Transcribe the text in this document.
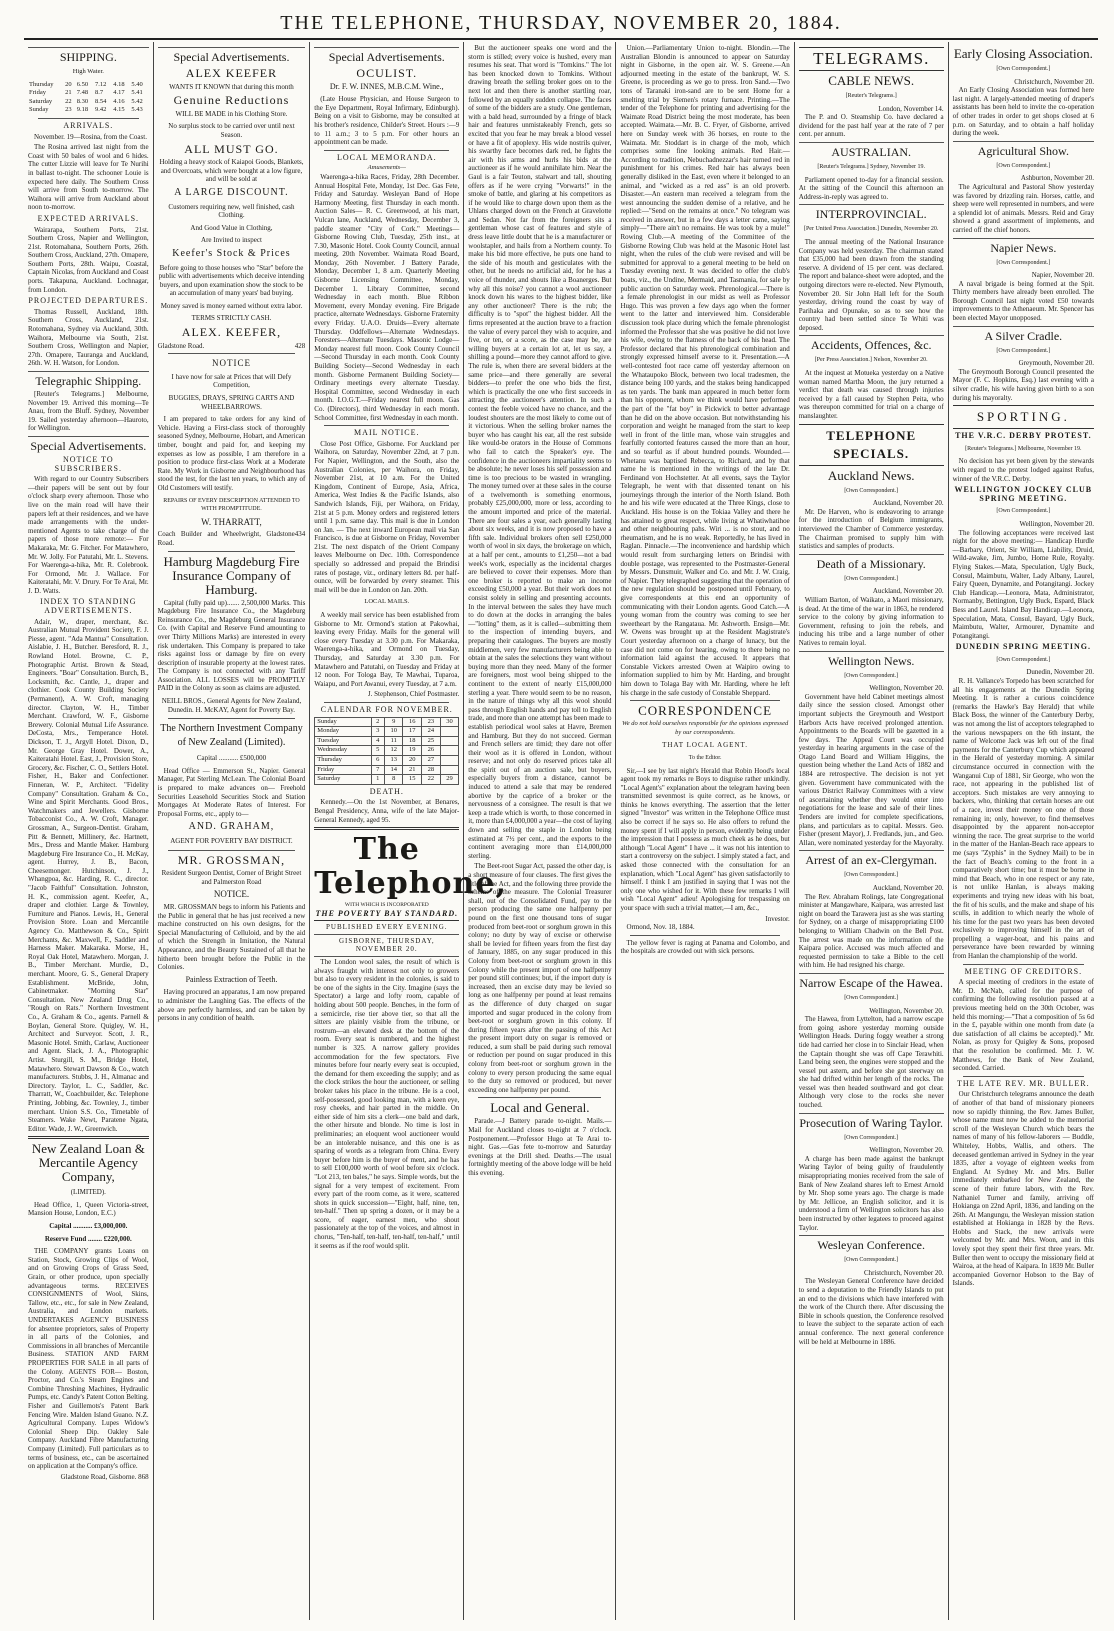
THE TELEPHONE, THURSDAY, NOVEMBER 20, 1884.
SHIPPING.
High Water.
Thursday	20	6.50	7.12	4.18	5.40
Friday	21	7.48	8.7	4.17	5.41
Saturday	22	8.30	8.54	4.16	5.42
Sunday	23	9.18	9.42	4.15	5.43
ARRIVALS.

November. 19—Rosina, from the Coast.

The Rosina arrived last night from the Coast with 50 bales of wool and 6 hides. The cutter Lizzie will leave for Te Nurihi in ballast to-night. The schooner Louie is expected here daily. The Southern Cross will arrive from South to-morrow. The Waihora will arrive from Auckland about noon to-morrow.

EXPECTED ARRIVALS.

Wairarapa, Southern Ports, 21st. Southern Cross, Napier and Wellington, 21st. Rotomahana, Southern Ports, 26th. Southern Cross, Auckland, 27th. Omapere, Southern Ports, 28th. Waipu, Coastal, Captain Nicolas, from Auckland and Coast ports. Takapuna, Auckland. Lochnagar, from London.

PROJECTED DEPARTURES.

Thomas Russell, Auckland, 18th. Southern Cross, Auckland, 21st. Rotomahana, Sydney via Auckland, 30th. Waihora, Melbourne via South, 21st. Southern Cross, Wellington and Napier, 27th. Omapere, Tauranga and Auckland, 26th. W. H. Watson, for London.

Telegraphic Shipping.

[Reuter's Telegrams.] Melbourne, November 19. Arrived this morning—Te Anau, from the Bluff. Sydney, November 19. Sailed yesterday afternoon—Hauroto, for Wellington.

Special Advertisements.
NOTICE TO SUBSCRIBERS.

With regard to our Country Subscribers—their papers will be sent out by four o'clock sharp every afternoon. Those who live on the main road will have their papers left at their residences, and we have made arrangements with the under-mentioned Agents to take charge of the papers of those more remote:— For Makaraka, Mr. G. Fitcher. For Matawhero, Mr. W. Jolly. For Patutahi, Mr. L. Stevens. For Waerenga-a-hika, Mr. R. Colebrook. For Ormond, Mr. J. Wallace. For Kaiteratahi, Mr. V. Drury. For Te Arai, Mr. J. D. Watts.

INDEX TO STANDING ADVERTISEMENTS.

Adair, W., draper, merchant, &c. Australian Mutual Provident Society, F. J. Piesse, agent. "Ada Mantua" Consultation. Aislabie, J. H., Butcher. Beresford, R. J., Rowland Hotel. Browne, C. P., Photographic Artist. Brown & Stead, Engineers. "Boar" Consultation. Burch, B., Locksmith, &c. Cantle, J., draper and clothier. Cook County Building Society (Permanent), A. W. Croft, managing director. Clayton, W. H., Timber Merchant. Crawford, W. F., Gisborne Brewery. Colonial Mutual Life Assurance. DeCosta, Mrs., Temperance Hotel. Dickson, T. J., Argyll Hotel. Dixon, D., Mr. George Gray Hotel. Dower, A., Kaiteratahi Hotel. East, J., Provision Store, Grocery, &c. Fischer, C. O., Settlers Hotel. Fisher, H., Baker and Confectioner. Finneran, W. P., Architect. "Fidelity Company" Consultation. Graham & Co., Wine and Spirit Merchants. Good Bros., Watchmakers and Jewellers. Gisborne Tobacconist Co., A. W. Croft, Manager. Grossman, A., Surgeon-Dentist. Graham, Pitt & Bennett, Millinery, &c. Hartnett, Mrs., Dress and Mantle Maker. Hamburg Magdeburg Fire Insurance Co., H. McKay, agent. Hurrey, J. B., Bacon, Cheesemonger. Hutchinson, J. J., Whangpoa, &c. Harding, R. C., director. "Jacob Faithful" Consultation. Johnston, H. K., commission agent. Keefer, A., draper and clothier. Large & Townley, Furniture and Pianos. Lewis, H., General Provision Store. Loan and Mercantile Agency Co. Matthewson & Co., Spirit Merchants, &c. Maxwell, F., Saddler and Harness Maker. Makaraka. Morse, H., Royal Oak Hotel, Matawhero. Morgan, J. B., Timber Merchant. Murdie, D., merchant. Moore, G. S., General Drapery Establishment. McBride, John, Cabinetmaker. "Morning Star" Consultation. New Zealand Drug Co., "Rough on Rats." Northern Investment Co., A. Graham & Co., agents. Parnell & Boylan, General Store. Quigley, W. H., Architect and Surveyor. Scott, J. R., Masonic Hotel. Smith, Carlaw, Auctioneer and Agent. Slack, J. A., Photographic Artist. Sturgill, S. M., Bridge Hotel, Matawhero. Stewart Dawson & Co., watch manufacturers. Stubbs, J. H., Almanac and Directory. Taylor, L. C., Saddler, &c. Tharratt, W., Coachbuilder, &c. Telephone Printing, Jobbing, &c. Townley, J., timber merchant. Union S.S. Co., Timetable of Steamers. Wake Newt, Paratene Ngata, Editor. Wade, J. W., Greenwich.

New Zealand Loan & Mercantile Agency Company,
(LIMITED).

Head Office, 1, Queen Victoria-street, Mansion House, London, E.C.)

Capital ........... £3,000,000.
Reserve Fund ........ £220,000.

THE COMPANY grants Loans on Station, Stock, Growing Clips of Wool, and on Growing Crops of Grass Seed, Grain, or other produce, upon specially advantageous terms. RECEIVES CONSIGNMENTS of Wool, Skins, Tallow, etc., etc., for sale in New Zealand, Australia, and London markets. UNDERTAKES AGENCY BUSINESS for absentee proprietors, sales of Property in all parts of the Colonies, and Commissions in all branches of Mercantile Business. STATION AND FARM PROPERTIES FOR SALE in all parts of the Colony. AGENTS FOR— Boston, Proctor, and Co.'s Steam Engines and Combine Threshing Machines, Hydraulic Pumps, etc. Candy's Patent Cotton Belting. Fisher and Guillemots's Patent Bark Fencing Wire. Malden Island Guano. N.Z. Agricultural Company. Lupes Widow's Colonial Sheep Dip. Oakley Sale Company. Auckland Fibre Manufacturing Company (Limited). Full particulars as to terms of business, etc., can be ascertained on application at the Company's office.

Gladstone Road, Gisborne. 868
Special Advertisements.
ALEX KEEFER

WANTS IT KNOWN that during this month

Genuine Reductions

WILL BE MADE in his Clothing Store.

No surplus stock to be carried over until next Season.

ALL MUST GO.

Holding a heavy stock of Kaiapoi Goods, Blankets, and Overcoats, which were bought at a low figure, and will be sold at

A LARGE DISCOUNT.

Customers requiring new, well finished, cash Clothing.

And Good Value in Clothing,

Are Invited to inspect

Keefer's Stock & Prices

Before going to those houses who "Star" before the public with advertisements which deceive intending buyers, and upon examination show the stock to be an accumulation of many years' bad buying.

Money saved is money earned without extra labor.

TERMS STRICTLY CASH.
ALEX. KEEFER,
Gladstone Road.	428
NOTICE

I have now for sale at Prices that will Defy Competition,

BUGGIES, DRAYS, SPRING CARTS AND WHEELBARROWS.

I am prepared to take orders for any kind of Vehicle. Having a First-class stock of thoroughly seasoned Sydney, Melbourne, Hobart, and American timber, bought and paid for, and keeping my expenses as low as possible, I am therefore in a position to produce first-class Work at a Moderate Rate. My Work in Gisborne and Neighbourhood has stood the test, for the last ten years, to which any of Old Customers will testify.

REPAIRS OF EVERY DESCRIPTION ATTENDED TO WITH PROMPTITUDE.
W. THARRATT,
Coach Builder and Wheelwright, Gladstone Road.
434
Hamburg Magdeburg Fire Insurance Company of Hamburg.

Capital (fully paid up)....... 2,500,000 Marks. This Magdeburg Fire Insurance Co., the Magdeburg Reinsurance Co., the Magdeburg General Insurance Co. (with Capital and Reserve Fund amounting to over Thirty Millions Marks) are interested in every risk undertaken. This Company is prepared to take risks against loss or damage by fire on every description of insurable property at the lowest rates. The Company is not connected with any Tariff Association. ALL LOSSES will be PROMPTLY PAID in the Colony as soon as claims are adjusted.

NEILL BROS., General Agents for New Zealand, Dunedin. H. McKAY, Agent for Poverty Bay.

The Northern Investment Company of New Zealand (Limited).
Capital ........... £500,000

Head Office — Emmerson St., Napier. General Manager, Pat Sterling McLean. The Colonial Board is prepared to make advances on— Freehold Securities Leasehold Securities Stock and Station Mortgages At Moderate Rates of Interest. For Proposal Forms, etc., apply to—

AND. GRAHAM,
AGENT FOR POVERTY BAY DISTRICT.
MR. GROSSMAN,

Resident Surgeon Dentist, Corner of Bright Street and Palmerston Road

NOTICE.

MR. GROSSMAN begs to inform his Patients and the Public in general that he has just received a new machine constructed on his own designs, for the Special Manufacturing of Celluloid, and by the aid of which the Strength in Imitation, the Natural Appearance, and the Beauty Sustained of all that he hitherto been brought before the Public in the Colonies.

Painless Extraction of Teeth.

Having procured an apparatus, I am now prepared to administer the Laughing Gas. The effects of the above are perfectly harmless, and can be taken by persons in any condition of health.

Special Advertisements.
OCULIST.
Dr. F. W. INNES, M.B.C.M. Wine.,

(Late House Physician, and House Surgeon to the Eye Department, Royal Infirmary, Edinburgh). Being on a visit to Gisborne, may be consulted at his brother's residence, Childer's Street. Hours :—9 to 11 a.m.; 3 to 5 p.m. For other hours an appointment can be made.

LOCAL MEMORANDA.
Amusements—

Waerenga-a-hika Races, Friday, 28th December. Annual Hospital Fete, Monday, 1st Dec. Gas Fete, Friday and Saturday. Wesleyan Band of Hope Harmony Meeting, first Thursday in each month. Auction Sales— R. C. Greenwood, at his mart, Vulcan lane, Auckland, Wednesday, December 3, paddle steamer "City of Cork." Meetings— Gisborne Rowing Club, Tuesday, 25th inst., at 7.30, Masonic Hotel. Cook County Council, annual meeting, 20th November. Waimata Road Board, Monday, 26th November. J Battery Parade, Monday, December 1, 8 a.m. Quarterly Meeting Gisborne Licensing Committee, Monday, December 1. Library Committee, second Wednesday in each month. Blue Ribbon Movement, every Monday evening. Fire Brigade practice, alternate Wednesdays. Gisborne Fraternity every Friday. U.A.O. Druids—Every alternate Thursday. Oddfellows—Alternate Wednesdays. Foresters—Alternate Tuesdays. Masonic Lodge—Monday nearest full moon. Cook County Council—Second Thursday in each month. Cook County Building Society—Second Wednesday in each month. Gisborne Permanent Building Society—Ordinary meetings every alternate Tuesday. Hospital Committee, second Wednesday in each month. I.O.G.T.—Friday nearest full moon. Gas Co. (Directors), third Wednesday in each month. School Committee, first Wednesday in each month.

MAIL NOTICE.

Close Post Office, Gisborne. For Auckland per Waihora, on Saturday, November 22nd, at 7 p.m. For Napier, Wellington, and the South, also the Australian Colonies, per Waihora, on Friday, November 21st, at 10 a.m. For the United Kingdom, Continent of Europe, Asia, Africa, America, West Indies & the Pacific Islands, also Sandwich Islands, Fiji, per Waihora, on Friday, 21st at 5 p.m. Money orders and registered letters until 1 p.m. same day. This mail is due in London on Jan. — The next inward European mail via San Francisco, is due at Gisborne on Friday, November 21st. The next dispatch of the Orient Company leaves Melbourne on Dec. 10th. Correspondence specially so addressed and prepaid the Brindisi rates of postage, viz., ordinary letters 8d. per half-ounce, will be forwarded by every steamer. This mail will be due in London on Jan. 20th.

LOCAL MAILS.

A weekly mail service has been established from Gisborne to Mr. Ormond's station at Pakowhai, leaving every Friday. Mails for the general will close every Tuesday at 3.30 p.m. For Makaraka, Waerenga-a-hika, and Ormond on Tuesday, Thursday, and Saturday at 3.30 p.m. For Matawhero and Patutahi, on Tuesday and Friday at 12 noon. For Tologa Bay, Te Mawhai, Tuparoa, Waiapu, and Port Awanui, every Tuesday, at 7 a.m.

J. Stephenson, Chief Postmaster.
CALENDAR FOR NOVEMBER.
Sunday	2	9	16	23	30
Monday	3	10	17	24	
Tuesday	4	11	18	25	
Wednesday	5	12	19	26	
Thursday	6	13	20	27	
Friday	7	14	21	28	
Saturday	1	8	15	22	29
DEATH.

Kennedy.—On the 1st November, at Benares, Bengal Presidency, Anna, wife of the late Major-General Kennedy, aged 95.

The Telephone,
WITH WHICH IS INCORPORATED
THE POVERTY BAY STANDARD.
PUBLISHED EVERY EVENING.
GISBORNE, THURSDAY, NOVEMBER 20.

The London wool sales, the result of which is always fraught with interest not only to growers but also to every resident in the colonies, is said to be one of the sights in the City. Imagine (says the Spectator) a large and lofty room, capable of holding about 500 people. Benches, in the form of a semicircle, rise tier above tier, so that all the sitters are plainly visible from the tribune, or rostrum—an elevated desk at the bottom of the room. Every seat is numbered, and the highest number is 325. A narrow gallery provides accommodation for the few spectators. Five minutes before four nearly every seat is occupied, the demand for them exceeding the supply; and as the clock strikes the hour the auctioneer, or selling broker takes his place in the tribune. He is a cool, self-possessed, good looking man, with a keen eye, rosy cheeks, and hair parted in the middle. On either side of him sits a clerk—one bald and dark, the other hirsute and blonde. No time is lost in preliminaries; an eloquent wool auctioneer would be an intolerable nuisance, and this one is as sparing of words as a telegram from China. Every buyer before him is the buyer of ment, and he has to sell £100,000 worth of wool before six o'clock. "Lot 213, ten bales," he says. Simple words, but the signal for a very tempest of excitement. From every part of the room come, as it were, scattered shots in quick succession—"Eight, half, nine, ten, ten-half." Then up spring a dozen, or it may be a score, of eager, earnest men, who shout passionately at the top of the voices, and almost in chorus, "Ten-half, ten-half, ten-half, ten-half," until it seems as if the roof would split.

But the auctioneer speaks one word and the storm is stilled; every voice is hushed, every man resumes his seat. That word is "Tomkins." The lot has been knocked down to Tomkins. Without drawing breath the selling broker goes on to the next lot and then there is another startling roar, followed by an equally sudden collapse. The faces of some of the bidders are a study. One gentleman, with a bald head, surrounded by a fringe of black hair and features unmistakeably French, gets so excited that you fear he may break a blood vessel or have a fit of apoplexy. His wide nostrils quiver, his swarthy face becomes dark red, he fights the air with his arms and hurls his bids at the auctioneer as if he would annihilate him. Near the Gaul is a fair Teuton, stalwart and tall, shouting offers as if he were crying "Vorwarts!" in the smoke of battle, and glaring at his competitors as if he would like to charge down upon them as the Uhlans charged down on the French at Gravelotte and Sedan. Not far from the foreigners sits a gentleman whose cast of features and style of dress leave little doubt that he is a manufacturer or woolstapler, and hails from a Northern county. To make his bid more effective, he puts one hand to the side of his mouth and gesticulates with the other, but he needs no artificial aid, for he has a voice of thunder, and shouts like a Boanerges. But why all this noise? you cannot a wool auctioneer knock down his wares to the highest bidder, like any other auctioneer? There is the rub; the difficulty is to "spot" the highest bidder. All the firms represented at the auction brave to a fraction the value of every parcel they wish to acquire, and five, or ten, or a score, as the case may be, are willing buyers at a certain lot at, let us say, a shilling a pound—more they cannot afford to give. The rule is, when there are several bidders at the same price—and there generally are several bidders—to prefer the one who bids the first, which is practically the one who first succeeds in attracting the auctioneer's attention. In such a contest the feeble voiced have no chance, and the loudest shouters are the most likely to come out of it victorious. When the selling broker names the buyer who has caught his ear, all the rest subside like would-be orators in the House of Commons who fail to catch the Speaker's eye. The confidence in the auctioneers impartiality seems to be absolute; he never loses his self possession and time is too precious to be wasted in wrangling. The money turned over at these sales in the course of a twelvemonth is something enormous, probably £25,000,000, more or less, according to the amount imported and price of the material. There are four sales a year, each generally lasting about six weeks, and it is now proposed to have a fifth sale. Individual brokers often sell £250,000 worth of wool in six days, the brokerage on which, at a half per cent., amounts to £1,250—not a bad week's work, especially as the incidental charges are believed to cover their expenses. More than one broker is reported to make an income exceeding £50,000 a year. But their work does not consist solely in selling and presenting accounts. In the interval between the sales they have much to do down at the docks in arranging the bales—"lotting" them, as it is called—submitting them to the inspection of intending buyers, and preparing their catalogues. The buyers are mostly middlemen, very few manufacturers being able to obtain at the sales the selections they want without buying more than they need. Many of the former are foreigners, most wool being shipped to the continent to the extent of nearly £15,000,000 sterling a year. There would seem to be no reason, in the nature of things why all this wool should pass through English hands and pay toll to English trade, and more than one attempt has been made to establish periodical wool sales at Havre, Bremen and Hamburg. But they do not succeed. German and French sellers are timid; they dare not offer their wool as it is offered in London, without reserve; and not only do reserved prices take all the spirit out of an auction sale, but buyers, especially buyers from a distance, cannot be induced to attend a sale that may be rendered abortive by the caprice of a broker or the nervousness of a consignee. The result is that we keep a trade which is worth, to those concerned in it, more than £4,000,000 a year—the cost of laying down and selling the staple in London being estimated at 7½ per cent., and the exports to the continent averaging more than £14,000,000 sterling.

The Beet-root Sugar Act, passed the other day, is a short measure of four clauses. The first gives the title of the Act, and the following three provide the scheme of the measure. The Colonial Treasurer shall, out of the Consolidated Fund, pay to the person producing the same one halfpenny per pound on the first one thousand tons of sugar produced from beet-root or sorghum grown in this colony; no duty by way of excise or otherwise shall be levied for fifteen years from the first day of January, 1885, on any sugar produced in this Colony from beet-root or sorghum grown in this Colony while the present import of one halfpenny per pound still continues; but, if the import duty is increased, then an excise duty may be levied so long as one halfpenny per pound at least remains as the difference of duty charged on sugar imported and sugar produced in the colony from beet-root or sorghum grown in this colony. If during fifteen years after the passing of this Act the present import duty on sugar is removed or reduced, a sum shall be paid during such removal or reduction per pound on sugar produced in this colony from beet-root or sorghum grown in the colony to every person producing the same equal to the duty so removed or produced, but never exceeding one halfpenny per pound.

Local and General.

Parade.—J Battery parade to-night. Mails.—Mail for Auckland closes to-night at 7 o'clock. Postponement.—Professor Hugo at Te Arai to-night. Gas.—Gas fete to-morrow and Saturday evenings at the Drill shed. Deaths.—The usual fortnightly meeting of the above lodge will be held this evening.

Union.—Parliamentary Union to-night. Blondin.—The Australian Blondin is announced to appear on Saturday night in Gisborne, in the open air. W. S. Greene.—An adjourned meeting in the estate of the bankrupt, W. S. Greene, is proceeding as we go to press. Iron Sand.—Two tons of Taranaki iron-sand are to be sent Home for a smelting trial by Siemen's rotary furnace. Printing.—The tender of the Telephone for printing and advertising for the Waimate Road District being the most moderate, has been accepted. Waimata.—Mr. B. C. Fryer, of Gisborne, arrived here on Sunday week with 36 horses, en route to the Waimata. Mr. Stoddart is in charge of the mob, which comprises some fine looking animals. Red Hair.—According to tradition, Nebuchadnezzar's hair turned red in punishment for his crimes. Red hair has always been generally disliked in the East, even where it belonged to an animal, and "wicked as a red ass" is an old proverb. Disaster.—An eastern man received a telegram from the west announcing the sudden demise of a relative, and he replied:—"Send on the remains at once." No telegram was received in answer, but in a few days a letter came, saying simply—"There ain't no remains. He was took by a mule!" Rowing Club.—A meeting of the Committee of the Gisborne Rowing Club was held at the Masonic Hotel last night, when the rules of the club were revised and will be submitted for approval to a general meeting to be held on Tuesday evening next. It was decided to offer the club's boats, viz., the Undine, Mermaid, and Tasmania, for sale by public auction on Saturday week. Phrenological.—There is a female phrenologist in our midst as well as Professor Hugo. This was proven a few days ago when the former went to the latter and interviewed him. Considerable discussion took place during which the female phrenologist informed the Professor that she was positive he did not love his wife, owing to the flatness of the back of his head. The Professor declared that his phrenological combination and strongly expressed himself averse to it. Presentation.—A well-contested foot race came off yesterday afternoon on the Whataupoko Block, between two local tradesmen, the distance being 100 yards, and the stakes being handicapped as ten yards. The bank man appeared in much better form than his opponent, whom we think would have performed the part of the "fat boy" in Pickwick to better advantage than he did on the above occasion. But notwithstanding his corporation and weight he managed from the start to keep well in front of the little man, whose vain struggles and fearfully contorted features caused the more than an hour, and so tearful as if about hundred pounds. Wounded.—Whetanu was baptised Rebecca, to Richard, and by that name he is mentioned in the writings of the late Dr. Ferdinand von Hochstetter. At all events, says the Taylor Telegraph, he went with that dissented tenant on his journeyings through the interior of the North Island. Both he and his wife were educated at the Three Kings, close to Auckland. His house is on the Tokiaa Valley and there he has attained to great respect, while living at Whatiwhatihoe and other neighbouring pahs. Wiri ... is no stout, and no rheumatism, and he is no weak. Reportedly, he has lived in Raglan. Pinnacle.—The inconvenience and hardship which would result from surcharging letters on Brindisi with double postage, was represented to the Postmaster-General by Messrs. Dunsmuir, Walker and Co. and Mr. J. W. Craig, of Napier. They telegraphed suggesting that the operation of the new regulation should be postponed until February, to give correspondents at this end an opportunity of communicating with their London agents. Good Catch.—A young woman from the country was coming to see her sweetheart by the Rangataua. Mr. Ashworth. Ensign—Mr. W. Owens was brought up at the Resident Magistrate's Court yesterday afternoon on a charge of lunacy, but the case did not come on for hearing, owing to there being no information laid against the accused. It appears that Constable Vickers arrested Owen at Waipiro owing to information supplied to him by Mr. Harding, and brought him down to Tolaga Bay with Mr. Harding, where he left his charge in the safe custody of Constable Sheppard.

CORRESPONDENCE
We do not hold ourselves responsible for the opinions expressed by our correspondents.
THAT LOCAL AGENT.
To the Editor.

Sir,—I see by last night's Herald that Robin Hood's local agent took my remarks re Boys to disguise rather unkindly. "Local Agent's" explanation about the telegram having been transmitted sevenmost is quite correct, as he knows, or thinks he knows everything. The assertion that the letter signed "Investor" was written in the Telephone Office must also be correct if he says so. He also offers to refund the money spent if I will apply in person, evidently being under the impression that I possess as much cheek as he does, but although "Local Agent" I have ... it was not his intention to start a controversy on the subject. I simply stated a fact, and asked those connected with the consultation for an explanation, which "Local Agent" has given satisfactorily to himself. I think I am justified in saying that I was not the only one who wished for it. With these few remarks I will wish "Local Agent" adieu! Apologising for trespassing on your space with such a trivial matter,—I am, &c.,

Investor.

Ormond, Nov. 18, 1884.

The yellow fever is raging at Panama and Colombo, and the hospitals are crowded out with sick persons.

TELEGRAMS.
CABLE NEWS.
[Reuter's Telegrams.]
London, November 14.

The P. and O. Steamship Co. have declared a dividend for the past half year at the rate of 7 per cent. per annum.

AUSTRALIAN.
[Reuter's Telegrams.] Sydney, November 19.

Parliament opened to-day for a financial session. At the sitting of the Council this afternoon an Address-in-reply was agreed to.

INTERPROVINCIAL.
[Per United Press Association.] Dunedin, November 20.

The annual meeting of the National Insurance Company was held yesterday. The chairman stated that £35,000 had been drawn from the standing reserve. A dividend of 15 per cent. was declared. The report and balance-sheet were adopted, and the outgoing directors were re-elected. New Plymouth, November 20. Sir John Hall left for the South yesterday, driving round the coast by way of Parihaka and Opunake, so as to see how the country had been settled since Te Whiti was deposed.

Accidents, Offences, &c.
[Per Press Association.] Nelson, November 20.

At the inquest at Motueka yesterday on a Native woman named Martha Moon, the jury returned a verdict that death was caused through injuries received by a fall caused by Stephen Peita, who was thereupon committed for trial on a charge of manslaughter.

TELEPHONE SPECIALS.
Auckland News.
[Own Correspondent.]
Auckland, November 20.

Mr. De Harven, who is endeavoring to arrange for the introduction of Belgium immigrants, interviewed the Chamber of Commerce yesterday. The Chairman promised to supply him with statistics and samples of products.

Death of a Missionary.
[Own Correspondent.]
Auckland, November 20.

William Barton, of Waikato, a Maori missionary, is dead. At the time of the war in 1863, he rendered service to the colony by giving information to Government, refusing to join the rebels, and inducing his tribe and a large number of other Natives to remain loyal.

Wellington News.
[Own Correspondent.]
Wellington, November 20.

Government have held Cabinet meetings almost daily since the session closed. Amongst other important subjects the Greymouth and Westport Harbors Acts have received prolonged attention. Appointments to the Boards will be gazetted in a few days. The Appeal Court was occupied yesterday in hearing arguments in the case of the Otago Land Board and William Higgins, the question being whether the Land Acts of 1882 and 1884 are retrospective. The decision is not yet given. Government have communicated with the various District Railway Committees with a view of ascertaining whether they would enter into negotiations for the lease and sale of their lines. Tenders are invited for complete specifications, plans, and particulars as to capital. Messrs. Geo. Fisher (present Mayor), J. Fredlands, jun., and Geo. Allan, were nominated yesterday for the Mayoralty.

Arrest of an ex-Clergyman.
[Own Correspondent.]
Auckland, November 20.

The Rev. Abraham Rolings, late Congregational minister at Mangawhare, Kaipara, was arrested last night on board the Tarawera just as she was starting for Sydney, on a charge of misappropriating £100 belonging to William Chadwin on the Bell Post. The arrest was made on the information of the Kaipara police. Accused was much affected and requested permission to take a Bible to the cell with him. He had resigned his charge.

Narrow Escape of the Hawea.
[Own Correspondent.]
Wellington, November 20.

The Hawea, from Lyttelton, had a narrow escape from going ashore yesterday morning outside Wellington Heads. During foggy weather a strong tide had carried her close in to Sinclair Head, when the Captain thought she was off Cape Terawhiti. Land being seen, the engines were stopped and the vessel put astern, and before she got steerway on she had drifted within her length of the rocks. The vessel was then headed southward and got clear. Although very close to the rocks she never touched.

Prosecution of Waring Taylor.
[Own Correspondent.]
Wellington, November 20.

A charge has been made against the bankrupt Waring Taylor of being guilty of fraudulently misappropriating monies received from the sale of Bank of New Zealand shares left to Ernest Arnold by Mr. Shop some years ago. The charge is made by Mr. Jellicoe, an English solicitor, and it is understood a firm of Wellington solicitors has also been instructed by other legatees to proceed against Taylor.

Wesleyan Conference.
[Own Correspondent.]
Christchurch, November 20.

The Wesleyan General Conference have decided to send a deputation to the Friendly Islands to put an end to the divisions which have interfered with the work of the Church there. After discussing the Bible in schools question, the Conference resolved to leave the subject to the separate action of each annual conference. The next general conference will be held at Melbourne in 1886.

Early Closing Association.
[Own Correspondent.]
Christchurch, November 20.

An Early Closing Association was formed here last night. A largely-attended meeting of draper's assistants has been held to invite the co-operation of other trades in order to get shops closed at 6 p.m. on Saturday, and to obtain a half holiday during the week.

Agricultural Show.
[Own Correspondent.]
Ashburton, November 20.

The Agricultural and Pastoral Show yesterday was favored by drizzling rain. Horses, cattle, and sheep were well represented in numbers, and were a splendid lot of animals. Messrs. Reid and Gray showed a grand assortment of implements, and carried off the chief honors.

Napier News.
[Own Correspondent.]
Napier, November 20.

A naval brigade is being formed at the Spit. Thirty members have already been enrolled. The Borough Council last night voted £50 towards improvements to the Athenaeum. Mr. Spencer has been elected Mayor unopposed.

A Silver Cradle.
[Own Correspondent.]
Greymouth, November 20.

The Greymouth Borough Council presented the Mayor (F. C. Hopkins, Esq.) last evening with a silver cradle, his wife having given birth to a son during his mayoralty.

SPORTING.
THE V.R.C. DERBY PROTEST.
[Reuter's Telegrams.] Melbourne, November 19.

No decision has yet been given by the stewards with regard to the protest lodged against Rufus, winner of the V.R.C. Derby.

WELLINGTON JOCKEY CLUB SPRING MEETING.
[Own Correspondent.]
Wellington, November 20.

The following acceptances were received last night for the above meeting:— Handicap Hurdle—Barbary, Orient, Sir William, Liability, Druid, Wild-awake, Jim, Jumbo, Home Rule, Royalty. Flying Stakes.—Mata, Speculation, Ugly Buck, Consul, Maimbutu, Walter, Lady Albany, Laurel, Fairy Queen, Dynamite, and Potangitangi. Jockey Club Handicap.—Leonora, Mata, Administrator, Normanby, Bettington, Ugly Buck, Espard, Black Bess and Laurel. Island Bay Handicap.—Leonora, Speculation, Mata, Consul, Bayard, Ugly Buck, Maimbutu, Walter, Armourer, Dynamite and Potangitangi.

DUNEDIN SPRING MEETING.
[Own Correspondent.]
Dunedin, November 20.

R. H. Vallance's Torpedo has been scratched for all his engagements at the Dunedin Spring Meeting. It is rather a curious coincidence (remarks the Hawke's Bay Herald) that while Black Boss, the winner of the Canterbury Derby, was not among the list of acceptors telegraphed to the various newspapers on the 6th instant, the name of Welcome Jack was left out of the final payments for the Canterbury Cup which appeared in the Herald of yesterday morning. A similar circumstance occurred in connection with the Wanganui Cup of 1881, Sir George, who won the race, not appearing in the published list of acceptors. Such mistakes are very annoying to backers, who, thinking that certain horses are out of a race, invest their money on one of those remaining in; only, however, to find themselves disappointed by the apparent non-acceptor winning the race. The great surprise to the world in the matter of the Hanlan-Beach race appears to me (says "Zyphis" in the Sydney Mail) to be in the fact of Beach's coming to the front in a comparatively short time; but it must be borne in mind that Beach, who in one respect or any rate, is not unlike Hanlan, is always making experiments and trying new ideas with his boat, the fit of his sculls, and the make and shape of his sculls, in addition to which nearly the whole of his time for the past two years has been devoted exclusively to improving himself in the art of propelling a wager-boat, and his pains and perseverance have been rewarded by winning from Hanlan the championship of the world.

MEETING OF CREDITORS.

A special meeting of creditors in the estate of Mr. D. McNab, called for the purpose of confirming the following resolution passed at a previous meeting held on the 30th October, was held this morning:—"That a composition of 5s 6d in the £, payable within one month from date (a due satisfaction of all claims be accepted)." Mr. Nolan, as proxy for Quigley & Sons, proposed that the resolution be confirmed. Mr. J. W. Matthews, for the Bank of New Zealand, seconded. Carried.

THE LATE REV. MR. BULLER.

Our Christchurch telegrams announce the death of another of that band of missionary pioneers now so rapidly thinning, the Rev. James Buller, whose name must now be added to the memorial scroll of the Wesleyan Church which bears the names of many of his fellow-laborers — Buddle, Whiteley, Hobbs, Wallis, and others. The deceased gentleman arrived in Sydney in the year 1835, after a voyage of eighteen weeks from England. At Sydney Mr. and Mrs. Buller immediately embarked for New Zealand, the scene of their future labors, with the Rev. Nathaniel Turner and family, arriving off Hokianga on 22nd April, 1836, and landing on the 26th. At Mangungu, the Wesleyan mission station established at Hokianga in 1828 by the Revs. Hobbs and Stack, the new arrivals were welcomed by Mr. and Mrs. Woon, and in this lovely spot they spent their first three years. Mr. Buller then went to occupy the missionary field at Wairoa, at the head of Kaipara. In 1839 Mr. Buller accompanied Governor Hobson to the Bay of Islands.
